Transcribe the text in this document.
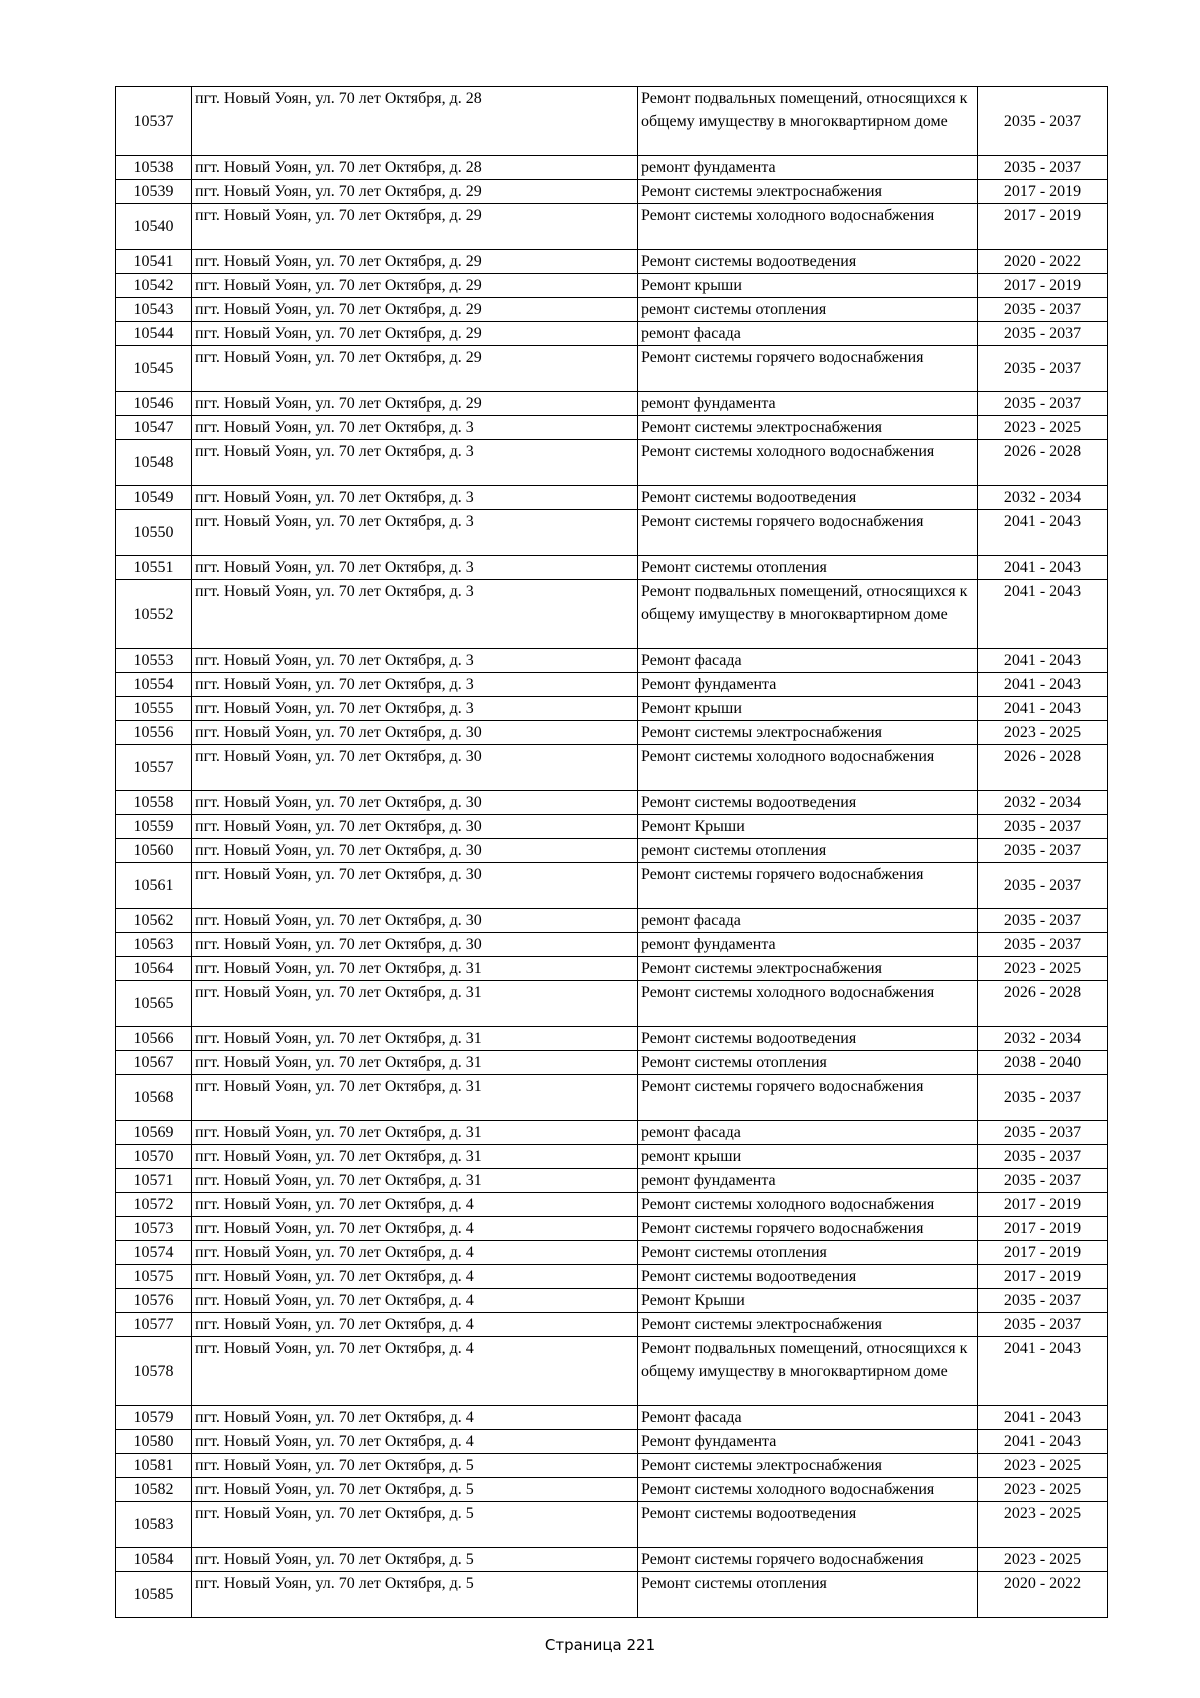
10537	пгт. Новый Уоян, ул. 70 лет Октября, д. 28	Ремонт подвальных помещений, относящихся к общему имуществу в многоквартирном доме	2035 - 2037
10538	пгт. Новый Уоян, ул. 70 лет Октября, д. 28	ремонт фундамента	2035 - 2037
10539	пгт. Новый Уоян, ул. 70 лет Октября, д. 29	Ремонт системы электроснабжения	2017 - 2019
10540	пгт. Новый Уоян, ул. 70 лет Октября, д. 29	Ремонт системы холодного водоснабжения	2017 - 2019
10541	пгт. Новый Уоян, ул. 70 лет Октября, д. 29	Ремонт системы водоотведения	2020 - 2022
10542	пгт. Новый Уоян, ул. 70 лет Октября, д. 29	Ремонт крыши	2017 - 2019
10543	пгт. Новый Уоян, ул. 70 лет Октября, д. 29	ремонт системы отопления	2035 - 2037
10544	пгт. Новый Уоян, ул. 70 лет Октября, д. 29	ремонт фасада	2035 - 2037
10545	пгт. Новый Уоян, ул. 70 лет Октября, д. 29	Ремонт системы горячего водоснабжения	2035 - 2037
10546	пгт. Новый Уоян, ул. 70 лет Октября, д. 29	ремонт фундамента	2035 - 2037
10547	пгт. Новый Уоян, ул. 70 лет Октября, д. 3	Ремонт системы электроснабжения	2023 - 2025
10548	пгт. Новый Уоян, ул. 70 лет Октября, д. 3	Ремонт системы холодного водоснабжения	2026 - 2028
10549	пгт. Новый Уоян, ул. 70 лет Октября, д. 3	Ремонт системы водоотведения	2032 - 2034
10550	пгт. Новый Уоян, ул. 70 лет Октября, д. 3	Ремонт системы горячего водоснабжения	2041 - 2043
10551	пгт. Новый Уоян, ул. 70 лет Октября, д. 3	Ремонт системы отопления	2041 - 2043
10552	пгт. Новый Уоян, ул. 70 лет Октября, д. 3	Ремонт подвальных помещений, относящихся к общему имуществу в многоквартирном доме	2041 - 2043
10553	пгт. Новый Уоян, ул. 70 лет Октября, д. 3	Ремонт фасада	2041 - 2043
10554	пгт. Новый Уоян, ул. 70 лет Октября, д. 3	Ремонт фундамента	2041 - 2043
10555	пгт. Новый Уоян, ул. 70 лет Октября, д. 3	Ремонт крыши	2041 - 2043
10556	пгт. Новый Уоян, ул. 70 лет Октября, д. 30	Ремонт системы электроснабжения	2023 - 2025
10557	пгт. Новый Уоян, ул. 70 лет Октября, д. 30	Ремонт системы холодного водоснабжения	2026 - 2028
10558	пгт. Новый Уоян, ул. 70 лет Октября, д. 30	Ремонт системы водоотведения	2032 - 2034
10559	пгт. Новый Уоян, ул. 70 лет Октября, д. 30	Ремонт Крыши	2035 - 2037
10560	пгт. Новый Уоян, ул. 70 лет Октября, д. 30	ремонт системы отопления	2035 - 2037
10561	пгт. Новый Уоян, ул. 70 лет Октября, д. 30	Ремонт системы горячего водоснабжения	2035 - 2037
10562	пгт. Новый Уоян, ул. 70 лет Октября, д. 30	ремонт фасада	2035 - 2037
10563	пгт. Новый Уоян, ул. 70 лет Октября, д. 30	ремонт фундамента	2035 - 2037
10564	пгт. Новый Уоян, ул. 70 лет Октября, д. 31	Ремонт системы электроснабжения	2023 - 2025
10565	пгт. Новый Уоян, ул. 70 лет Октября, д. 31	Ремонт системы холодного водоснабжения	2026 - 2028
10566	пгт. Новый Уоян, ул. 70 лет Октября, д. 31	Ремонт системы водоотведения	2032 - 2034
10567	пгт. Новый Уоян, ул. 70 лет Октября, д. 31	Ремонт системы отопления	2038 - 2040
10568	пгт. Новый Уоян, ул. 70 лет Октября, д. 31	Ремонт системы горячего водоснабжения	2035 - 2037
10569	пгт. Новый Уоян, ул. 70 лет Октября, д. 31	ремонт фасада	2035 - 2037
10570	пгт. Новый Уоян, ул. 70 лет Октября, д. 31	ремонт крыши	2035 - 2037
10571	пгт. Новый Уоян, ул. 70 лет Октября, д. 31	ремонт фундамента	2035 - 2037
10572	пгт. Новый Уоян, ул. 70 лет Октября, д. 4	Ремонт системы холодного водоснабжения	2017 - 2019
10573	пгт. Новый Уоян, ул. 70 лет Октября, д. 4	Ремонт системы горячего водоснабжения	2017 - 2019
10574	пгт. Новый Уоян, ул. 70 лет Октября, д. 4	Ремонт системы отопления	2017 - 2019
10575	пгт. Новый Уоян, ул. 70 лет Октября, д. 4	Ремонт системы водоотведения	2017 - 2019
10576	пгт. Новый Уоян, ул. 70 лет Октября, д. 4	Ремонт Крыши	2035 - 2037
10577	пгт. Новый Уоян, ул. 70 лет Октября, д. 4	Ремонт системы электроснабжения	2035 - 2037
10578	пгт. Новый Уоян, ул. 70 лет Октября, д. 4	Ремонт подвальных помещений, относящихся к общему имуществу в многоквартирном доме	2041 - 2043
10579	пгт. Новый Уоян, ул. 70 лет Октября, д. 4	Ремонт фасада	2041 - 2043
10580	пгт. Новый Уоян, ул. 70 лет Октября, д. 4	Ремонт фундамента	2041 - 2043
10581	пгт. Новый Уоян, ул. 70 лет Октября, д. 5	Ремонт системы электроснабжения	2023 - 2025
10582	пгт. Новый Уоян, ул. 70 лет Октября, д. 5	Ремонт системы холодного водоснабжения	2023 - 2025
10583	пгт. Новый Уоян, ул. 70 лет Октября, д. 5	Ремонт системы водоотведения	2023 - 2025
10584	пгт. Новый Уоян, ул. 70 лет Октября, д. 5	Ремонт системы горячего водоснабжения	2023 - 2025
10585	пгт. Новый Уоян, ул. 70 лет Октября, д. 5	Ремонт системы отопления	2020 - 2022
Страница 221
